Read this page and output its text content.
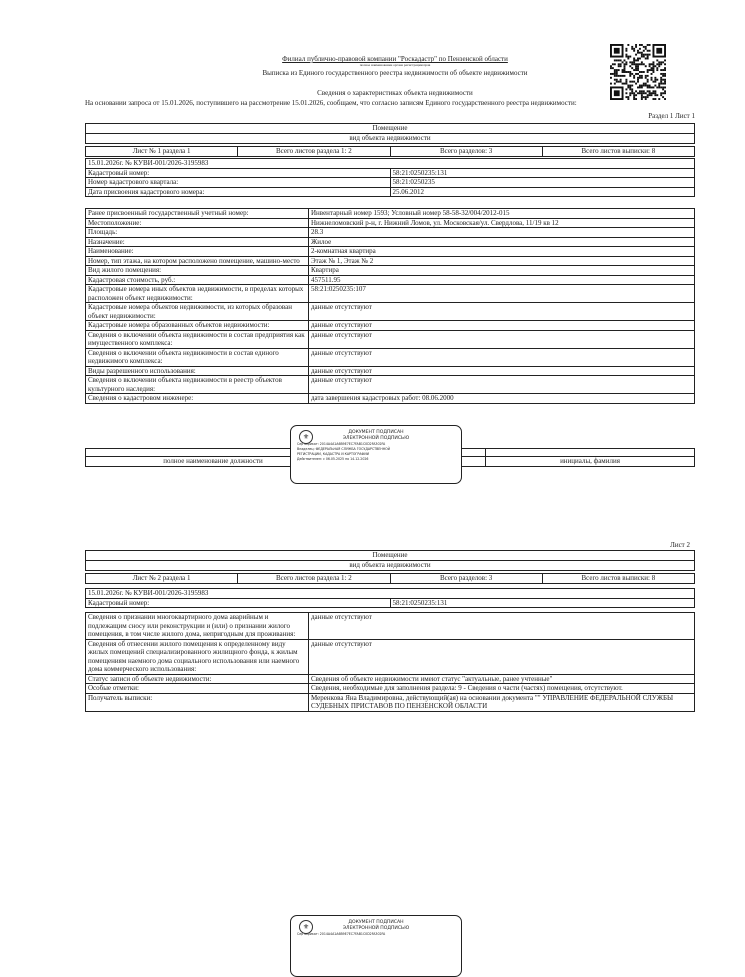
Филиал публично-правовой компании "Роскадастр" по Пензенской области
полное наименование органа регистрации прав
Выписка из Единого государственного реестра недвижимости об объекте недвижимости
Сведения о характеристиках объекта недвижимости
На основании запроса от 15.01.2026, поступившего на рассмотрение 15.01.2026, сообщаем, что согласно записям Единого государственного реестра недвижимости:
Раздел 1 Лист 1
Помещение
вид объекта недвижимости
Лист № 1 раздела 1	Всего листов раздела 1: 2	Всего разделов: 3	Всего листов выписки: 8
15.01.2026г. № КУВИ-001/2026-3195983	
Кадастровый номер:	58:21:0250235:131
Номер кадастрового квартала:	58:21:0250235
Дата присвоения кадастрового номера:	25.06.2012
Ранее присвоенный государственный учетный номер:	Инвентарный номер 1593; Условный номер 58-58-32/004/2012-015
Местоположение:	Нижнеломовский р-н, г. Нижний Ломов, ул. Московская/ул. Свердлова, 11/19 кв 12
Площадь:	28.3
Назначение:	Жилое
Наименование:	2-комнатная квартира
Номер, тип этажа, на котором расположено помещение, машино-место	Этаж № 1, Этаж № 2
Вид жилого помещения:	Квартира
Кадастровая стоимость, руб.:	457511.95
Кадастровые номера иных объектов недвижимости, в пределах которых расположен объект недвижимости:	58:21:0250235:107
Кадастровые номера объектов недвижимости, из которых образован объект недвижимости:	данные отсутствуют
Кадастровые номера образованных объектов недвижимости:	данные отсутствуют
Сведения о включении объекта недвижимости в состав предприятия как имущественного комплекса:	данные отсутствуют
Сведения о включении объекта недвижимости в состав единого недвижимого комплекса:	данные отсутствуют
Виды разрешенного использования:	данные отсутствуют
Сведения о включении объекта недвижимости в реестр объектов культурного наследия:	данные отсутствуют
Сведения о кадастровом инженере:	дата завершения кадастровых работ: 08.06.2000

полное наименование должности		инициалы, фамилия
⚜
ДОКУМЕНТ ПОДПИСАН
ЭЛЕКТРОННОЙ ПОДПИСЬЮ
Сертификат: 2014A4A1A6B9E7EC7FAB1C0D2FA302FA
Владелец: ФЕДЕРАЛЬНАЯ СЛУЖБА ГОСУДАРСТВЕННОЙ
РЕГИСТРАЦИИ, КАДАСТРА И КАРТОГРАФИИ
Действителен: с 06.05.2025 по 14.12.2026
Лист 2
Помещение
вид объекта недвижимости
Лист № 2 раздела 1	Всего листов раздела 1: 2	Всего разделов: 3	Всего листов выписки: 8
15.01.2026г. № КУВИ-001/2026-3195983
Кадастровый номер:	58:21:0250235:131
Сведения о признании многоквартирного дома аварийным и подлежащим сносу или реконструкции и (или) о признании жилого помещения, в том числе жилого дома, непригодным для проживания:	данные отсутствуют
Сведения об отнесении жилого помещения к определенному виду жилых помещений специализированного жилищного фонда, к жилым помещениям наемного дома социального использования или наемного дома коммерческого использования:	данные отсутствуют
Статус записи об объекте недвижимости:	Сведения об объекте недвижимости имеют статус "актуальные, ранее учтенные"
Особые отметки:	Сведения, необходимые для заполнения раздела: 9 - Сведения о части (частях) помещения, отсутствуют.
Получатель выписки:	Меренкова Яна Владимировна, действующий(ая) на основании документа "" УПРАВЛЕНИЕ ФЕДЕРАЛЬНОЙ СЛУЖБЫ СУДЕБНЫХ ПРИСТАВОВ ПО ПЕНЗЕНСКОЙ ОБЛАСТИ
⚜
ДОКУМЕНТ ПОДПИСАН
ЭЛЕКТРОННОЙ ПОДПИСЬЮ
Сертификат: 2014A4A1A6B9E7EC7FAB1C0D2FA302FA
